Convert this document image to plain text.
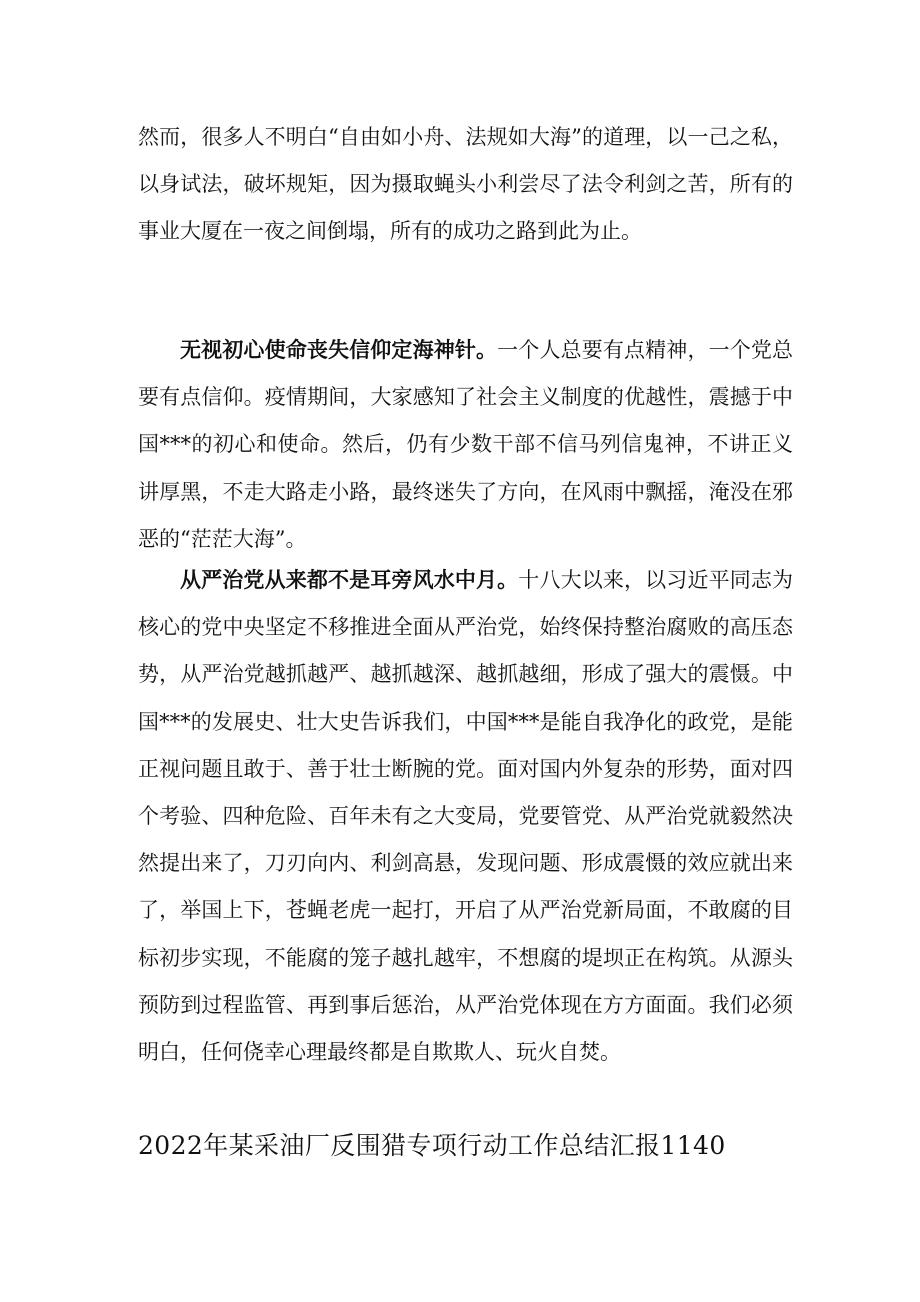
然而，很多人不明白“自由如小舟、法规如大海”的道理，以一己之私，以身试法，破坏规矩，因为摄取蝇头小利尝尽了法令利剑之苦，所有的事业大厦在一夜之间倒塌，所有的成功之路到此为止。

无视初心使命丧失信仰定海神针。一个人总要有点精神，一个党总要有点信仰。疫情期间，大家感知了社会主义制度的优越性，震撼于中国***的初心和使命。然后，仍有少数干部不信马列信鬼神，不讲正义讲厚黑，不走大路走小路，最终迷失了方向，在风雨中飘摇，淹没在邪恶的“茫茫大海”。

从严治党从来都不是耳旁风水中月。十八大以来，以习近平同志为核心的党中央坚定不移推进全面从严治党，始终保持整治腐败的高压态势，从严治党越抓越严、越抓越深、越抓越细，形成了强大的震慑。中国***的发展史、壮大史告诉我们，中国***是能自我净化的政党，是能正视问题且敢于、善于壮士断腕的党。面对国内外复杂的形势，面对四个考验、四种危险、百年未有之大变局，党要管党、从严治党就毅然决然提出来了，刀刃向内、利剑高悬，发现问题、形成震慑的效应就出来了，举国上下，苍蝇老虎一起打，开启了从严治党新局面，不敢腐的目标初步实现，不能腐的笼子越扎越牢，不想腐的堤坝正在构筑。从源头预防到过程监管、再到事后惩治，从严治党体现在方方面面。我们必须明白，任何侥幸心理最终都是自欺欺人、玩火自焚。

2022年某采油厂反围猎专项行动工作总结汇报1140
